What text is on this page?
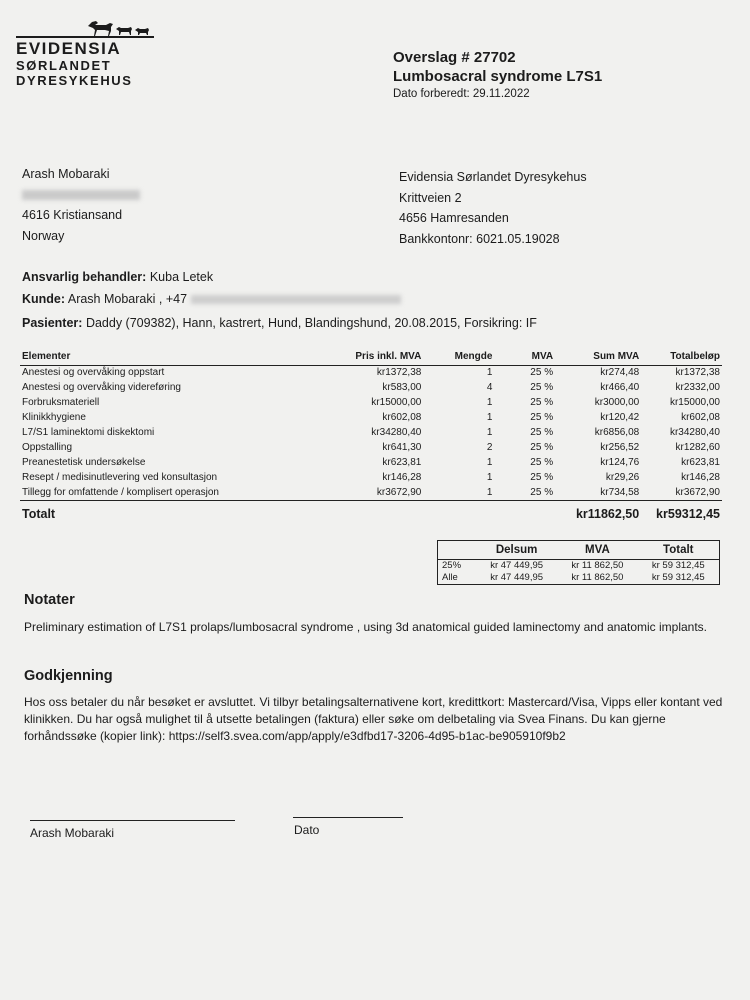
EVIDENSIA
SØRLANDET
DYRESYKEHUS
Overslag # 27702
Lumbosacral syndrome L7S1
Dato forberedt: 29.11.2022
Arash Mobaraki
4616 Kristiansand
Norway
Evidensia Sørlandet Dyresykehus
Krittveien 2
4656 Hamresanden
Bankkontonr: 6021.05.19028
Ansvarlig behandler: Kuba Letek
Kunde: Arash Mobaraki , +47
Pasienter: Daddy (709382), Hann, kastrert, Hund, Blandingshund, 20.08.2015, Forsikring: IF
Elementer	Pris inkl. MVA	Mengde	MVA	Sum MVA	Totalbeløp
Anestesi og overvåking oppstart	kr1372,38	1	25 %	kr274,48	kr1372,38
Anestesi og overvåking videreføring	kr583,00	4	25 %	kr466,40	kr2332,00
Forbruksmateriell	kr15000,00	1	25 %	kr3000,00	kr15000,00
Klinikkhygiene	kr602,08	1	25 %	kr120,42	kr602,08
L7/S1 laminektomi diskektomi	kr34280,40	1	25 %	kr6856,08	kr34280,40
Oppstalling	kr641,30	2	25 %	kr256,52	kr1282,60
Preanestetisk undersøkelse	kr623,81	1	25 %	kr124,76	kr623,81
Resept / medisinutlevering ved konsultasjon	kr146,28	1	25 %	kr29,26	kr146,28
Tillegg for omfattende / komplisert operasjon	kr3672,90	1	25 %	kr734,58	kr3672,90
Totalt				kr11862,50	kr59312,45
	Delsum	MVA	Totalt
25%	kr 47 449,95	kr 11 862,50	kr 59 312,45
Alle	kr 47 449,95	kr 11 862,50	kr 59 312,45
Notater
Preliminary estimation of L7S1 prolaps/lumbosacral syndrome , using 3d anatomical guided laminectomy and anatomic implants.
Godkjenning
Hos oss betaler du når besøket er avsluttet. Vi tilbyr betalingsalternativene kort, kredittkort: Mastercard/Visa, Vipps eller kontant ved klinikken. Du har også mulighet til å utsette betalingen (faktura) eller søke om delbetaling via Svea Finans. Du kan gjerne forhåndssøke (kopier link): https://self3.svea.com/app/apply/e3dfbd17-3206-4d95-b1ac-be905910f9b2
Arash Mobaraki	Dato
